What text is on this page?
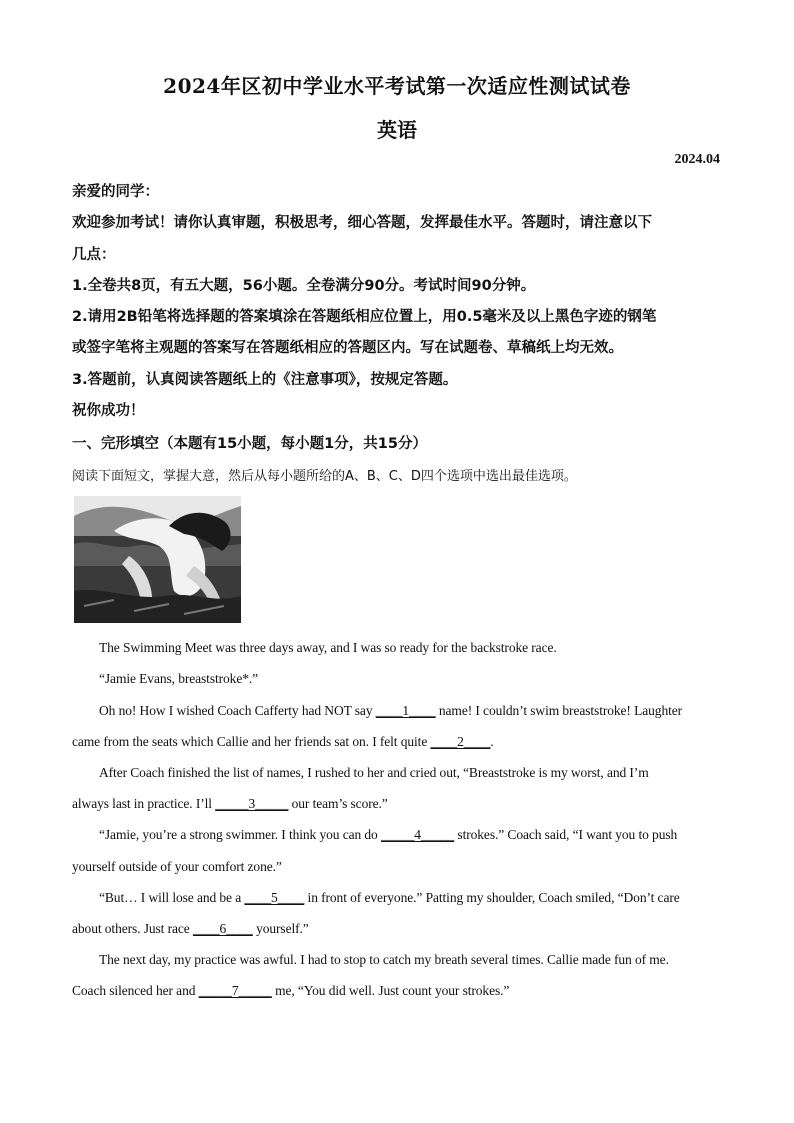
2024年区初中学业水平考试第一次适应性测试试卷
英语
2024.04

亲爱的同学：

欢迎参加考试！请你认真审题，积极思考，细心答题，发挥最佳水平。答题时，请注意以下

几点：

1.全卷共8页，有五大题，56小题。全卷满分90分。考试时间90分钟。

2.请用2B铅笔将选择题的答案填涂在答题纸相应位置上，用0.5毫米及以上黑色字迹的钢笔

或签字笔将主观题的答案写在答题纸相应的答题区内。写在试题卷、草稿纸上均无效。

3.答题前，认真阅读答题纸上的《注意事项》，按规定答题。

祝你成功！

一、完形填空（本题有15小题，每小题1分，共15分）

阅读下面短文，掌握大意，然后从每小题所给的A、B、C、D四个选项中选出最佳选项。

The Swimming Meet was three days away, and I was so ready for the backstroke race.

“Jamie Evans, breaststroke*.”

Oh no! How I wished Coach Cafferty had NOT say ____1____ name! I couldn’t swim breaststroke! Laughter

came from the seats which Callie and her friends sat on. I felt quite ____2____.

After Coach finished the list of names, I rushed to her and cried out, “Breaststroke is my worst, and I’m

always last in practice. I’ll _____3_____ our team’s score.”

“Jamie, you’re a strong swimmer. I think you can do _____4_____ strokes.” Coach said, “I want you to push

yourself outside of your comfort zone.”

“But… I will lose and be a ____5____ in front of everyone.” Patting my shoulder, Coach smiled, “Don’t care

about others. Just race ____6____ yourself.”

The next day, my practice was awful. I had to stop to catch my breath several times. Callie made fun of me.

Coach silenced her and _____7_____ me, “You did well. Just count your strokes.”
